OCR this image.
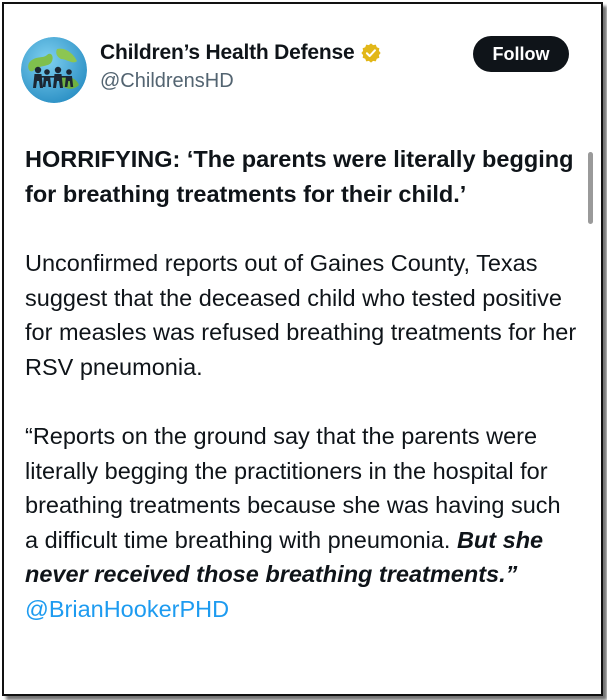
Children’s Health Defense
@ChildrensHD
Follow

HORRIFYING: ‘The parents were literally begging for breathing treatments for their child.’

Unconfirmed reports out of Gaines County, Texas suggest that the deceased child who tested positive for measles was refused breathing treatments for her RSV pneumonia.

“Reports on the ground say that the parents were literally begging the practitioners in the hospital for breathing treatments because she was having such a difficult time breathing with pneumonia. But she never received those breathing treatments.” @BrianHookerPHD
